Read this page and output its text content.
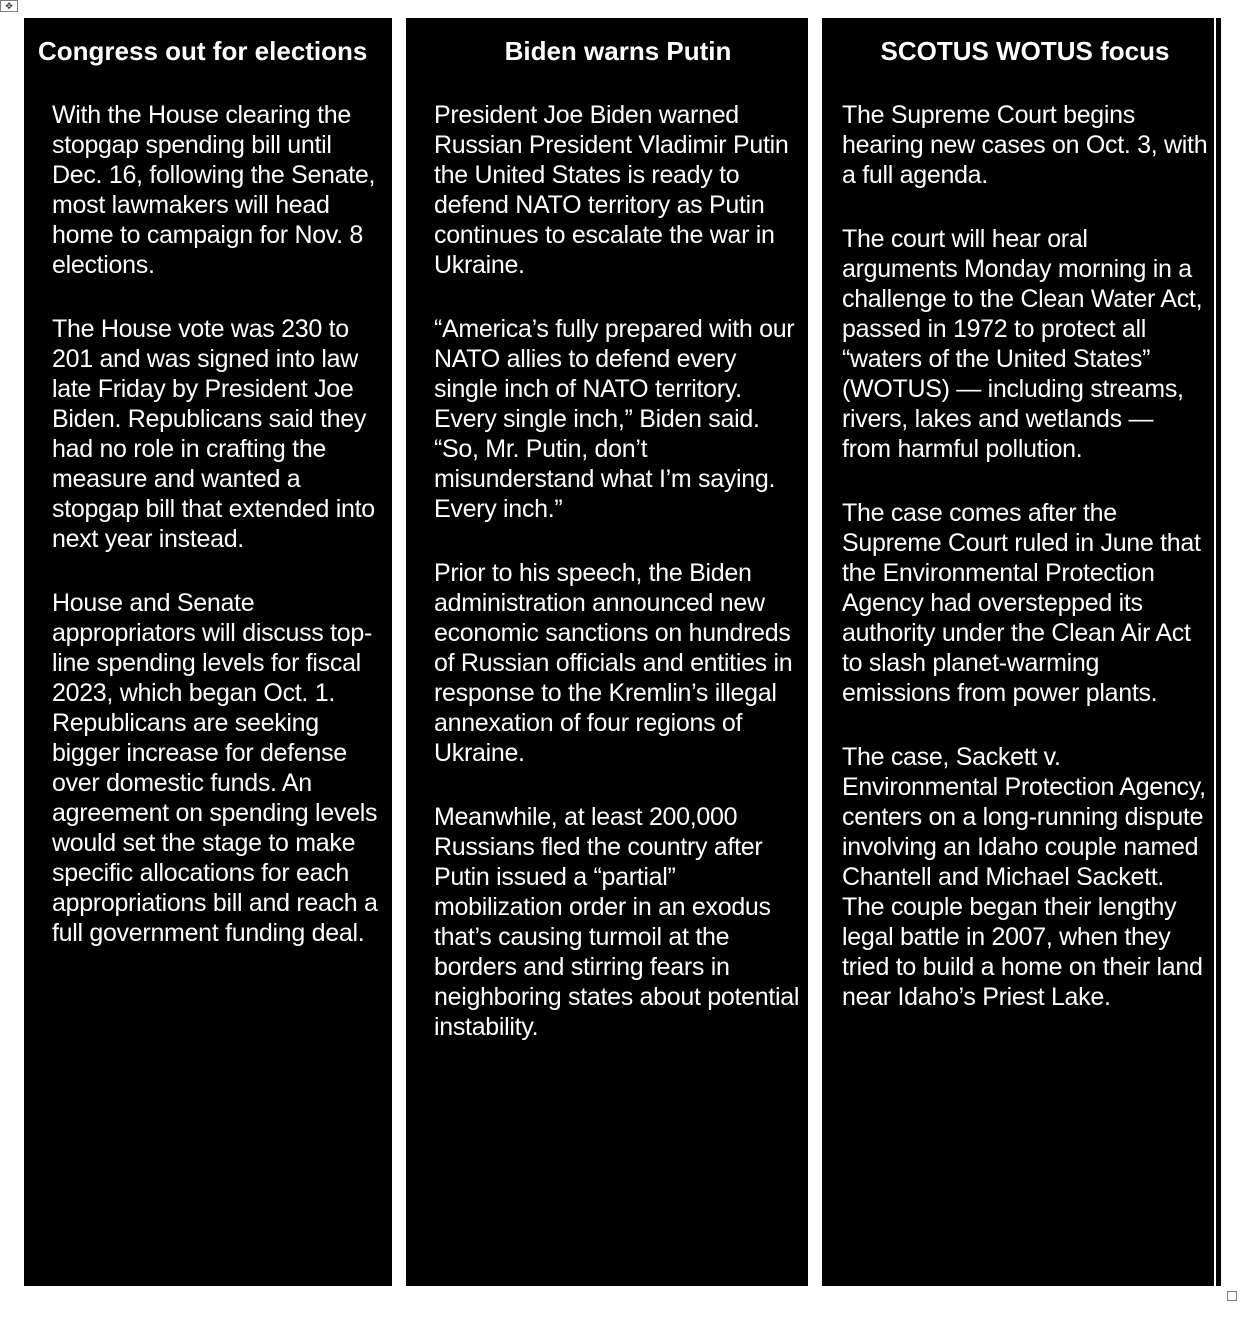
✥
Congress out for elections

With the House clearing the stopgap spending bill until Dec. 16, following the Senate, most lawmakers will head home to campaign for Nov. 8 elections.

The House vote was 230 to 201 and was signed into law late Friday by President Joe Biden. Republicans said they had no role in crafting the measure and wanted a stopgap bill that extended into next year instead.

House and Senate appropriators will discuss top-line spending levels for fiscal 2023, which began Oct. 1. Republicans are seeking bigger increase for defense over domestic funds. An agreement on spending levels would set the stage to make specific allocations for each appropriations bill and reach a full government funding deal.

Biden warns Putin

President Joe Biden warned Russian President Vladimir Putin the United States is ready to defend NATO territory as Putin continues to escalate the war in Ukraine.

“America’s fully prepared with our NATO allies to defend every single inch of NATO territory. Every single inch,” Biden said. “So, Mr. Putin, don’t misunderstand what I’m saying. Every inch.”

Prior to his speech, the Biden administration announced new economic sanctions on hundreds of Russian officials and entities in response to the Kremlin’s illegal annexation of four regions of Ukraine.

Meanwhile, at least 200,000 Russians fled the country after Putin issued a “partial” mobilization order in an exodus that’s causing turmoil at the borders and stirring fears in neighboring states about potential instability.

SCOTUS WOTUS focus

The Supreme Court begins hearing new cases on Oct. 3, with a full agenda.

The court will hear oral arguments Monday morning in a challenge to the Clean Water Act, passed in 1972 to protect all “waters of the United States” (WOTUS) — including streams, rivers, lakes and wetlands — from harmful pollution.

The case comes after the Supreme Court ruled in June that the Environmental Protection Agency had overstepped its authority under the Clean Air Act to slash planet-warming emissions from power plants.

The case, Sackett v. Environmental Protection Agency, centers on a long-running dispute involving an Idaho couple named Chantell and Michael Sackett. The couple began their lengthy legal battle in 2007, when they tried to build a home on their land near Idaho’s Priest Lake.
